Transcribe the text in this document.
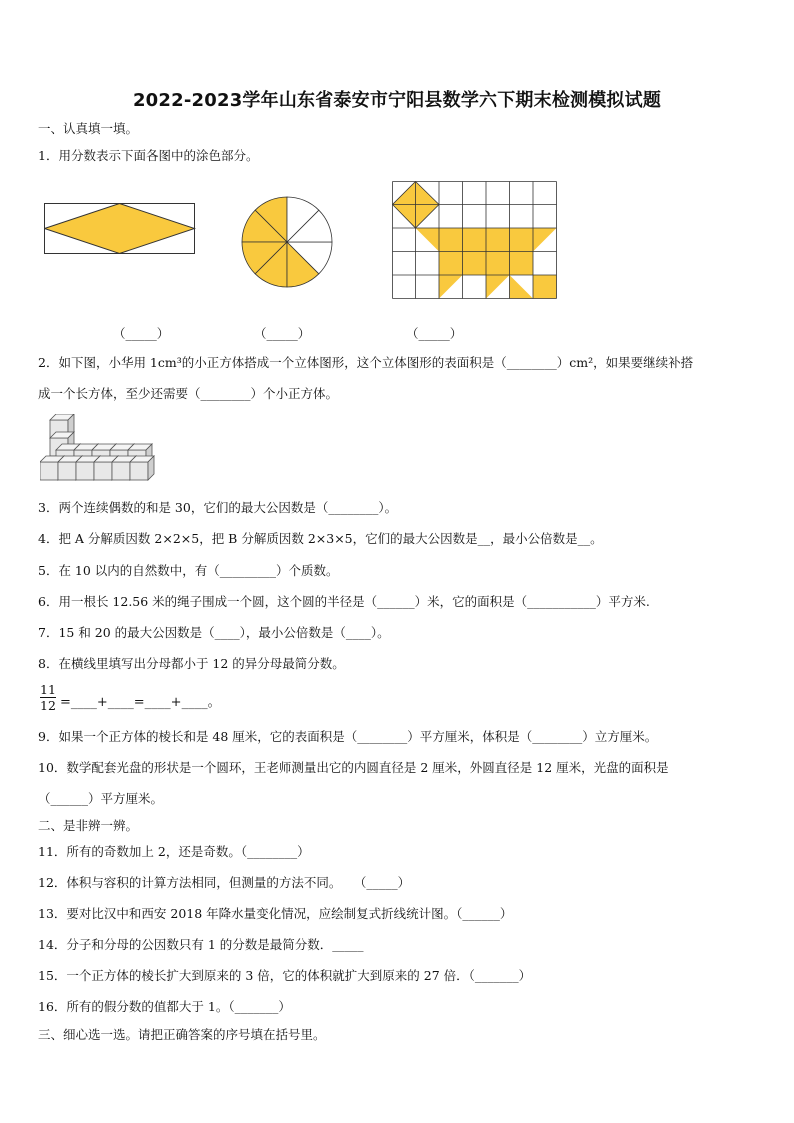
2022-2023学年山东省泰安市宁阳县数学六下期末检测模拟试题
一、认真填一填。
1．用分数表示下面各图中的涂色部分。
（_____）	（_____）	（_____）
2．如下图，小华用 1cm³的小正方体搭成一个立体图形，这个立体图形的表面积是（________）cm²，如果要继续补搭
成一个长方体，至少还需要（________）个小正方体。
3．两个连续偶数的和是 30，它们的最大公因数是（________）。
4．把 A 分解质因数 2×2×5，把 B 分解质因数 2×3×5，它们的最大公因数是__，最小公倍数是__。
5．在 10 以内的自然数中，有（_________）个质数。
6．用一根长 12.56 米的绳子围成一个圆，这个圆的半径是（______）米，它的面积是（___________）平方米.
7．15 和 20 的最大公因数是（____），最小公倍数是（____）。
8．在横线里填写出分母都小于 12 的异分母最简分数。
$\frac{11}{12}$ =____+____=____+____。
9．如果一个正方体的棱长和是 48 厘米，它的表面积是（________）平方厘米，体积是（________）立方厘米。
10．数学配套光盘的形状是一个圆环，王老师测量出它的内圆直径是 2 厘米，外圆直径是 12 厘米，光盘的面积是
（______）平方厘米。
二、是非辨一辨。
11．所有的奇数加上 2，还是奇数。（________）
12．体积与容积的计算方法相同，但测量的方法不同。　　（_____）
13．要对比汉中和西安 2018 年降水量变化情况，应绘制复式折线统计图。（______）
14．分子和分母的公因数只有 1 的分数是最简分数．_____
15．一个正方体的棱长扩大到原来的 3 倍，它的体积就扩大到原来的 27 倍．（_______）
16．所有的假分数的值都大于 1。（_______）
三、细心选一选。请把正确答案的序号填在括号里。
